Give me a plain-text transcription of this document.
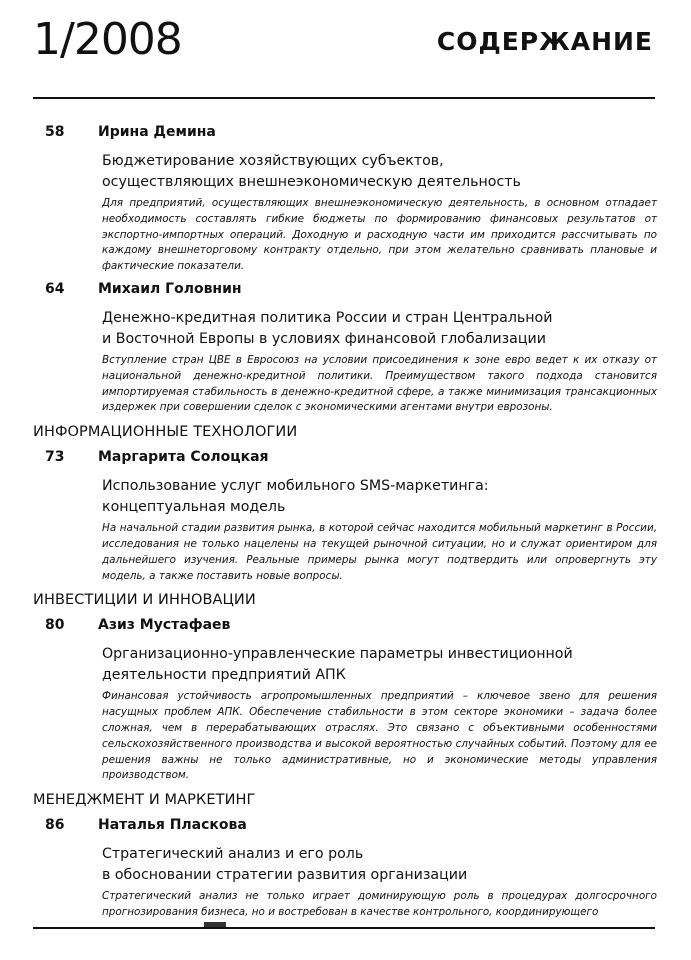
1/2008	СОДЕРЖАНИЕ
58	Ирина Демина
Бюджетирование хозяйствующих субъектов,
осуществляющих внешнеэкономическую деятельность
Для предприятий, осуществляющих внешнеэкономическую деятельность, в основном отпадает необходимость составлять гибкие бюджеты по формированию финансовых результатов от экспортно-импортных операций. Доходную и расходную части им приходится рассчитывать по каждому внешнеторговому контракту отдельно, при этом желательно сравнивать плановые и фактические показатели.
64	Михаил Головнин
Денежно-кредитная политика России и стран Центральной
и Восточной Европы в условиях финансовой глобализации
Вступление стран ЦВЕ в Евросоюз на условии присоединения к зоне евро ведет к их отказу от национальной денежно-кредитной политики. Преимуществом такого подхода становится импортируемая стабильность в денежно-кредитной сфере, а также минимизация трансакционных издержек при совершении сделок с экономическими агентами внутри еврозоны.
ИНФОРМАЦИОННЫЕ ТЕХНОЛОГИИ
73	Маргарита Солоцкая
Использование услуг мобильного SMS-маркетинга:
концептуальная модель
На начальной стадии развития рынка, в которой сейчас находится мобильный маркетинг в России, исследования не только нацелены на текущей рыночной ситуации, но и служат ориентиром для дальнейшего изучения. Реальные примеры рынка могут подтвердить или опровергнуть эту модель, а также поставить новые вопросы.
ИНВЕСТИЦИИ И ИННОВАЦИИ
80	Азиз Мустафаев
Организационно-управленческие параметры инвестиционной
деятельности предприятий АПК
Финансовая устойчивость агропромышленных предприятий – ключевое звено для решения насущных проблем АПК. Обеспечение стабильности в этом секторе экономики – задача более сложная, чем в перерабатывающих отраслях. Это связано с объективными особенностями сельскохозяйственного производства и высокой вероятностью случайных событий. Поэтому для ее решения важны не только административные, но и экономические методы управления производством.
МЕНЕДЖМЕНТ И МАРКЕТИНГ
86	Наталья Пласкова
Стратегический анализ и его роль
в обосновании стратегии развития организации
Стратегический анализ не только играет доминирующую роль в процедурах долгосрочного прогнозирования бизнеса, но и востребован в качестве контрольного, координирующего
